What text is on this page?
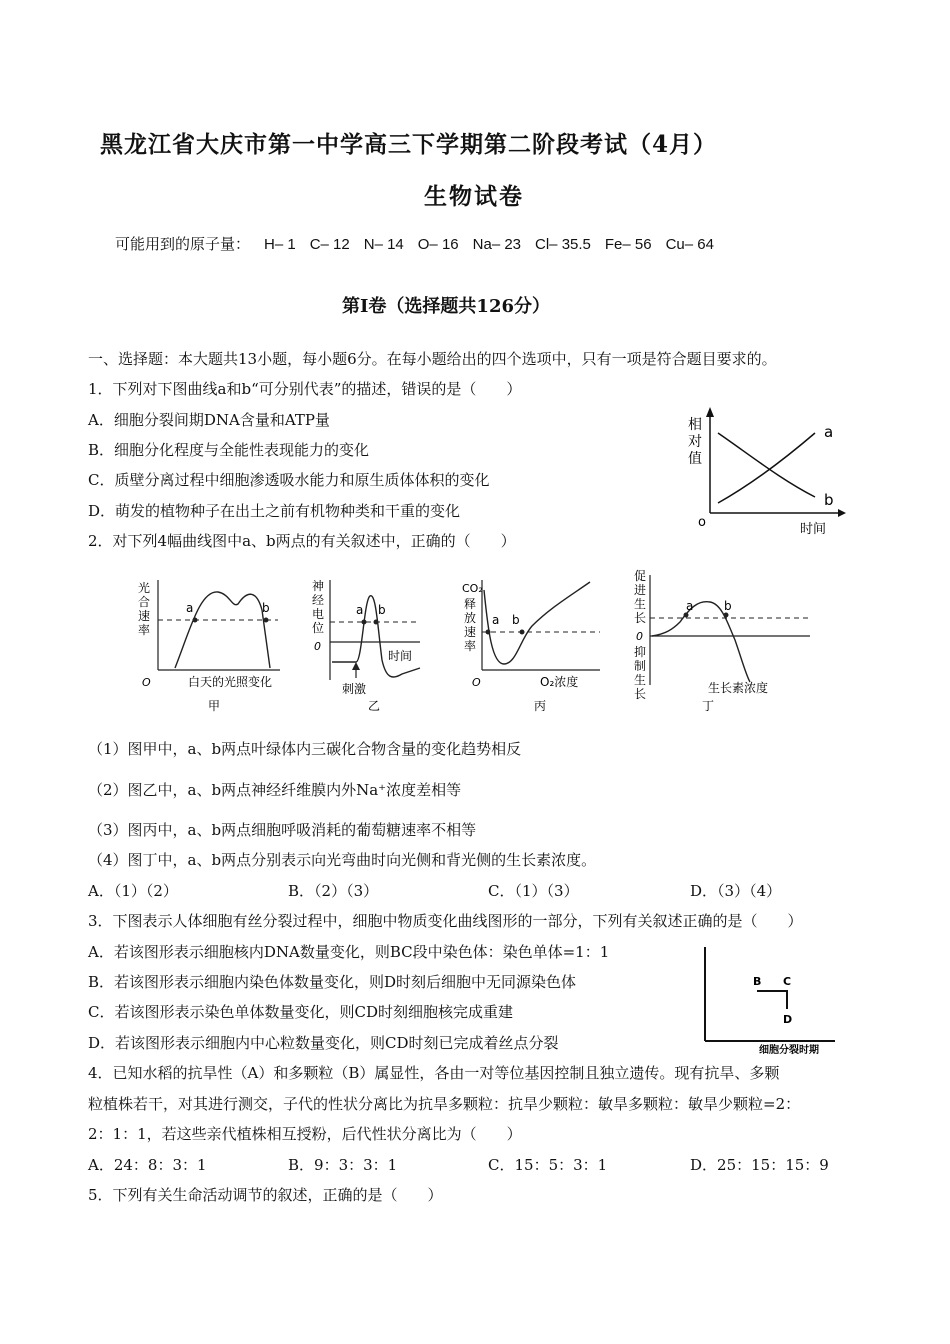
黑龙江省大庆市第一中学高三下学期第二阶段考试（4月）
生物试卷
可能用到的原子量： H– 1 C– 12 N– 14 O– 16 Na– 23 Cl– 35.5 Fe– 56 Cu– 64
第Ⅰ卷（选择题共126分）
一、选择题：本大题共13小题，每小题6分。在每小题给出的四个选项中，只有一项是符合题目要求的。
1．下列对下图曲线a和b“可分别代表”的描述，错误的是（　　）
A．细胞分裂间期DNA含量和ATP量
B．细胞分化程度与全能性表现能力的变化
C．质壁分离过程中细胞渗透吸水能力和原生质体体积的变化
D．萌发的植物种子在出土之前有机物种类和干重的变化
相
对
值
o	时间
a
b
2．对下列4幅曲线图中a、b两点的有关叙述中，正确的（　　）
光
合
速
率
a	b
O	白天的光照变化
甲
神
经
电
位
0
a b
时间
刺激
乙
CO₂
释
放
速
率
a b
O	O₂浓度
丙
促
进
生
长
0
抑
制
生
长
a	b
生长素浓度
丁
（1）图甲中，a、b两点叶绿体内三碳化合物含量的变化趋势相反
（2）图乙中，a、b两点神经纤维膜内外Na⁺浓度差相等
（3）图丙中，a、b两点细胞呼吸消耗的葡萄糖速率不相等
（4）图丁中，a、b两点分别表示向光弯曲时向光侧和背光侧的生长素浓度。
A．（1）（2）	B．（2）（3）	C．（1）（3）	D．（3）（4）
3．下图表示人体细胞有丝分裂过程中，细胞中物质变化曲线图形的一部分，下列有关叙述正确的是（　　）
A．若该图形表示细胞核内DNA数量变化，则BC段中染色体：染色单体=1：1
B．若该图形表示细胞内染色体数量变化，则D时刻后细胞中无同源染色体
C．若该图形表示染色单体数量变化，则CD时刻细胞核完成重建
D．若该图形表示细胞内中心粒数量变化，则CD时刻已完成着丝点分裂
B C
D
细胞分裂时期
4．已知水稻的抗旱性（A）和多颗粒（B）属显性，各由一对等位基因控制且独立遗传。现有抗旱、多颗
粒植株若干，对其进行测交，子代的性状分离比为抗旱多颗粒：抗旱少颗粒：敏旱多颗粒：敏旱少颗粒=2：
2：1：1，若这些亲代植株相互授粉，后代性状分离比为（　　）
A．24：8：3：1	B．9：3：3：1	C．15：5：3：1	D．25：15：15：9
5．下列有关生命活动调节的叙述，正确的是（　　）
